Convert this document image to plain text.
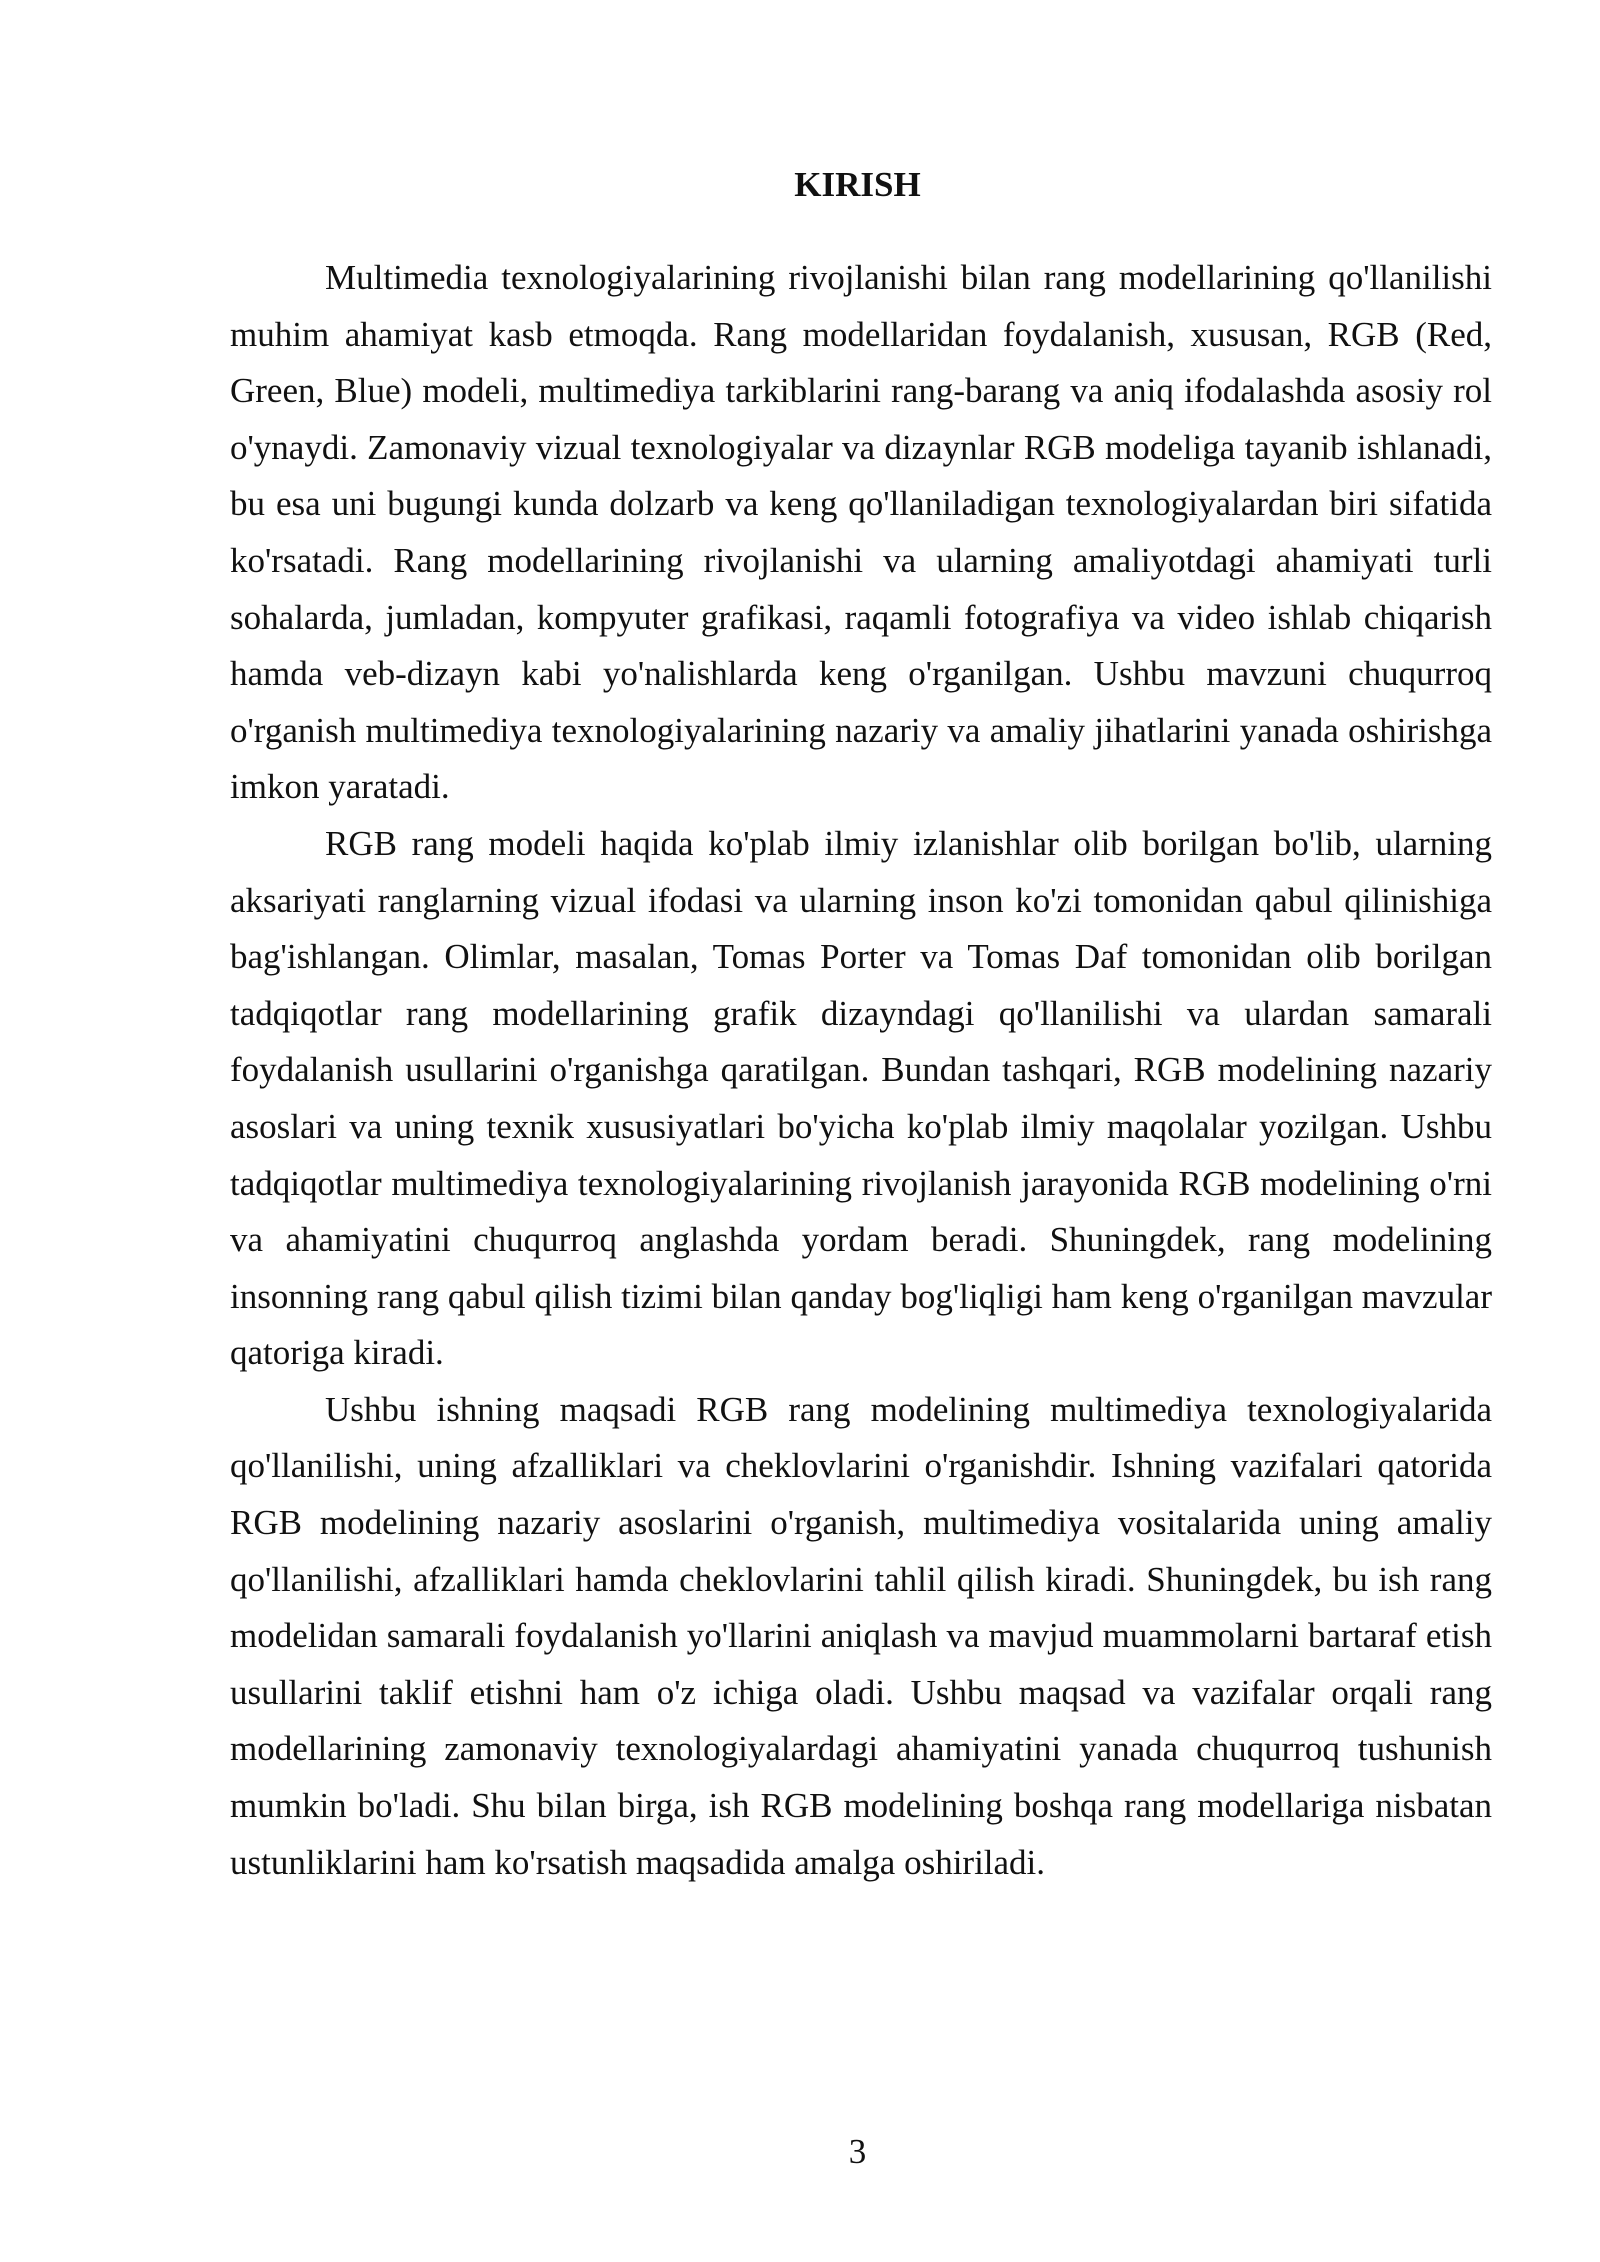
KIRISH

Multimedia texnologiyalarining rivojlanishi bilan rang modellarining qo'llanilishi muhim ahamiyat kasb etmoqda. Rang modellaridan foydalanish, xususan, RGB (Red, Green, Blue) modeli, multimediya tarkiblarini rang-barang va aniq ifodalashda asosiy rol o'ynaydi. Zamonaviy vizual texnologiyalar va dizaynlar RGB modeliga tayanib ishlanadi, bu esa uni bugungi kunda dolzarb va keng qo'llaniladigan texnologiyalardan biri sifatida ko'rsatadi. Rang modellarining rivojlanishi va ularning amaliyotdagi ahamiyati turli sohalarda, jumladan, kompyuter grafikasi, raqamli fotografiya va video ishlab chiqarish hamda veb-dizayn kabi yo'nalishlarda keng o'rganilgan. Ushbu mavzuni chuqurroq o'rganish multimediya texnologiyalarining nazariy va amaliy jihatlarini yanada oshirishga imkon yaratadi.

RGB rang modeli haqida ko'plab ilmiy izlanishlar olib borilgan bo'lib, ularning aksariyati ranglarning vizual ifodasi va ularning inson ko'zi tomonidan qabul qilinishiga bag'ishlangan. Olimlar, masalan, Tomas Porter va Tomas Daf tomonidan olib borilgan tadqiqotlar rang modellarining grafik dizayndagi qo'llanilishi va ulardan samarali foydalanish usullarini o'rganishga qaratilgan. Bundan tashqari, RGB modelining nazariy asoslari va uning texnik xususiyatlari bo'yicha ko'plab ilmiy maqolalar yozilgan. Ushbu tadqiqotlar multimediya texnologiyalarining rivojlanish jarayonida RGB modelining o'rni va ahamiyatini chuqurroq anglashda yordam beradi. Shuningdek, rang modelining insonning rang qabul qilish tizimi bilan qanday bog'liqligi ham keng o'rganilgan mavzular qatoriga kiradi.

Ushbu ishning maqsadi RGB rang modelining multimediya texnologiyalarida qo'llanilishi, uning afzalliklari va cheklovlarini o'rganishdir. Ishning vazifalari qatorida RGB modelining nazariy asoslarini o'rganish, multimediya vositalarida uning amaliy qo'llanilishi, afzalliklari hamda cheklovlarini tahlil qilish kiradi. Shuningdek, bu ish rang modelidan samarali foydalanish yo'llarini aniqlash va mavjud muammolarni bartaraf etish usullarini taklif etishni ham o'z ichiga oladi. Ushbu maqsad va vazifalar orqali rang modellarining zamonaviy texnologiyalardagi ahamiyatini yanada chuqurroq tushunish mumkin bo'ladi. Shu bilan birga, ish RGB modelining boshqa rang modellariga nisbatan ustunliklarini ham ko'rsatish maqsadida amalga oshiriladi.

3
